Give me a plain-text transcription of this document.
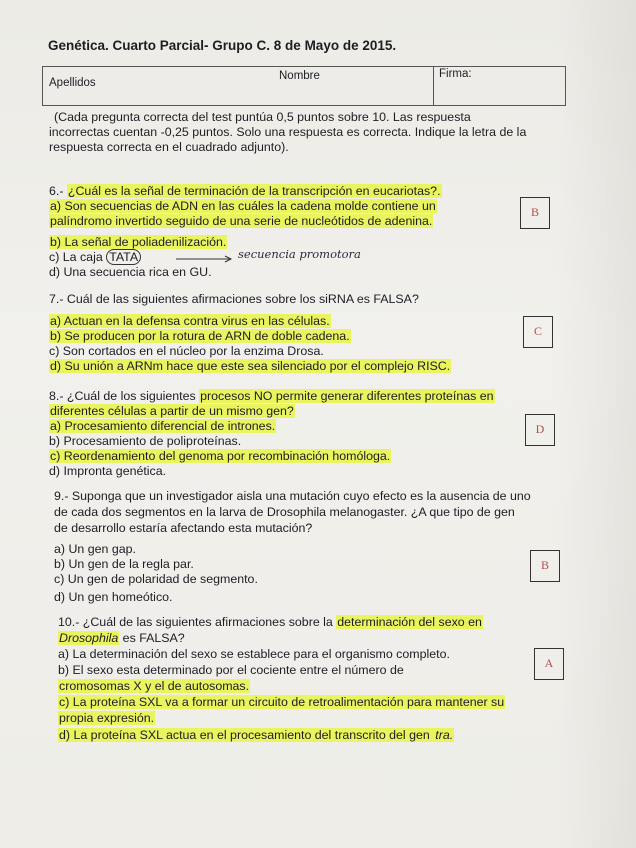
Genética. Cuarto Parcial- Grupo C. 8 de Mayo de 2015.
Apellidos
Nombre	Firma:
(Cada pregunta correcta del test puntúa 0,5 puntos sobre 10. Las respuesta
incorrectas cuentan -0,25 puntos. Solo una respuesta es correcta. Indique la letra de la
respuesta correcta en el cuadrado adjunto).
6.- ¿Cuál es la señal de terminación de la transcripción en eucariotas?.
a) Son secuencias de ADN en las cuáles la cadena molde contiene un
palíndromo invertido seguido de una serie de nucleótidos de adenina.
b) La señal de poliadenilización.
c) La caja TATA	secuencia promotora
d) Una secuencia rica en GU.
B
7.- Cuál de las siguientes afirmaciones sobre los siRNA es FALSA?
a) Actuan en la defensa contra virus en las células.
b) Se producen por la rotura de ARN de doble cadena.
c) Son cortados en el núcleo por la enzima Drosa.
d) Su unión a ARNm hace que este sea silenciado por el complejo RISC.
C
8.- ¿Cuál de los siguientes procesos NO permite generar diferentes proteínas en
diferentes células a partir de un mismo gen?
a) Procesamiento diferencial de intrones.
b) Procesamiento de poliproteínas.
c) Reordenamiento del genoma por recombinación homóloga.
d) Impronta genética.
D
9.- Suponga que un investigador aisla una mutación cuyo efecto es la ausencia de uno
de cada dos segmentos en la larva de Drosophila melanogaster. ¿A que tipo de gen
de desarrollo estaría afectando esta mutación?
a) Un gen gap.
b) Un gen de la regla par.
c) Un gen de polaridad de segmento.
d) Un gen homeótico.
B
10.- ¿Cuál de las siguientes afirmaciones sobre la determinación del sexo en
Drosophila es FALSA?
a) La determinación del sexo se establece para el organismo completo.
b) El sexo esta determinado por el cociente entre el número de
cromosomas X y el de autosomas.
c) La proteína SXL va a formar un circuito de retroalimentación para mantener su
propia expresión.
d) La proteína SXL actua en el procesamiento del transcrito del gen tra.
A
